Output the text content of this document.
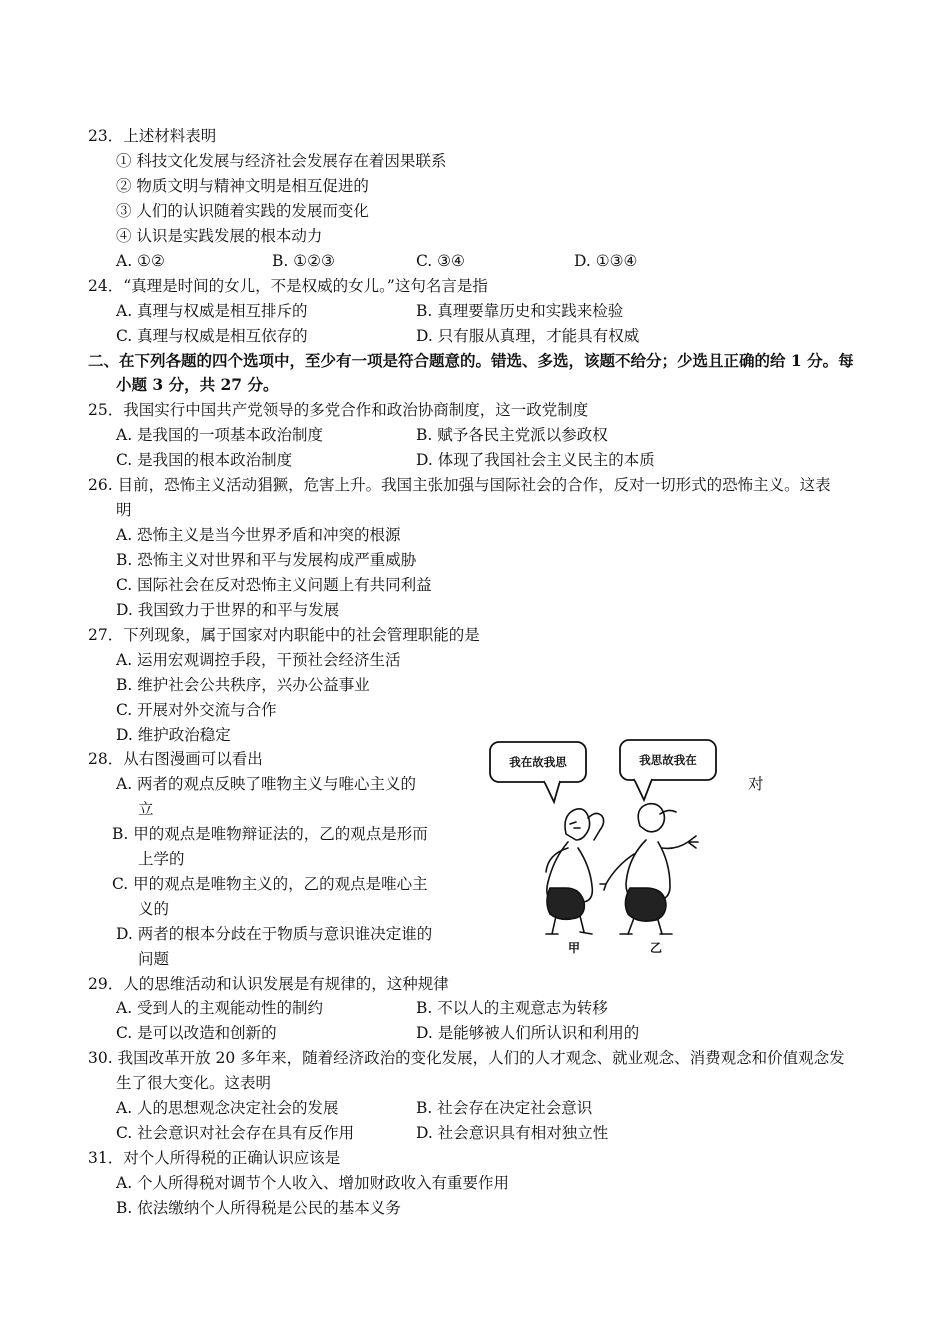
23．上述材料表明
① 科技文化发展与经济社会发展存在着因果联系
② 物质文明与精神文明是相互促进的
③ 人们的认识随着实践的发展而变化
④ 认识是实践发展的根本动力
A. ①②	B. ①②③	C. ③④	D. ①③④
24．“真理是时间的女儿，不是权威的女儿。”这句名言是指
A. 真理与权威是相互排斥的	B. 真理要靠历史和实践来检验
C. 真理与权威是相互依存的	D. 只有服从真理，才能具有权威
二、在下列各题的四个选项中，至少有一项是符合题意的。错选、多选，该题不给分；少选且正确的给 1 分。每
小题 3 分，共 27 分。
25．我国实行中国共产党领导的多党合作和政治协商制度，这一政党制度
A. 是我国的一项基本政治制度	B. 赋予各民主党派以参政权
C. 是我国的根本政治制度	D. 体现了我国社会主义民主的本质
26. 目前，恐怖主义活动猖獗，危害上升。我国主张加强与国际社会的合作，反对一切形式的恐怖主义。这表
明
A. 恐怖主义是当今世界矛盾和冲突的根源
B. 恐怖主义对世界和平与发展构成严重威胁
C. 国际社会在反对恐怖主义问题上有共同利益
D. 我国致力于世界的和平与发展
27．下列现象，属于国家对内职能中的社会管理职能的是
A. 运用宏观调控手段，干预社会经济生活
B. 维护社会公共秩序，兴办公益事业
C. 开展对外交流与合作
D. 维护政治稳定
28．从右图漫画可以看出
A. 两者的观点反映了唯物主义与唯心主义的	对
立
B. 甲的观点是唯物辩证法的，乙的观点是形而
上学的
C. 甲的观点是唯物主义的，乙的观点是唯心主
义的
D. 两者的根本分歧在于物质与意识谁决定谁的
问题
我在故我思	我思故我在
甲	乙
29．人的思维活动和认识发展是有规律的，这种规律
A. 受到人的主观能动性的制约	B. 不以人的主观意志为转移
C. 是可以改造和创新的	D. 是能够被人们所认识和利用的
30. 我国改革开放 20 多年来，随着经济政治的变化发展，人们的人才观念、就业观念、消费观念和价值观念发
生了很大变化。这表明
A. 人的思想观念决定社会的发展	B. 社会存在决定社会意识
C. 社会意识对社会存在具有反作用	D. 社会意识具有相对独立性
31．对个人所得税的正确认识应该是
A. 个人所得税对调节个人收入、增加财政收入有重要作用
B. 依法缴纳个人所得税是公民的基本义务
